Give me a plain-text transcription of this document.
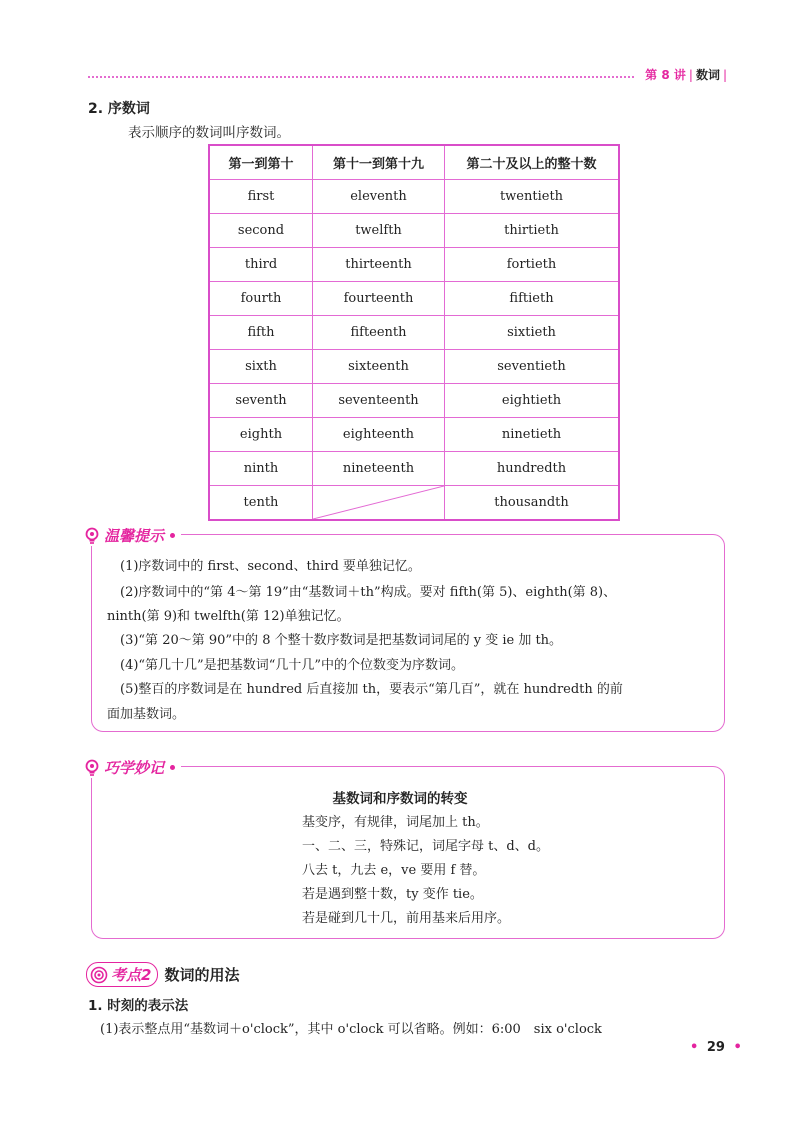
第 8 讲 | 数词 |
2. 序数词
表示顺序的数词叫序数词。
第一到第十	第十一到第十九	第二十及以上的整十数
first	eleventh	twentieth
second	twelfth	thirtieth
third	thirteenth	fortieth
fourth	fourteenth	fiftieth
fifth	fifteenth	sixtieth
sixth	sixteenth	seventieth
seventh	seventeenth	eightieth
eighth	eighteenth	ninetieth
ninth	nineteenth	hundredth
tenth		thousandth
温馨提示
(1)序数词中的 first、second、third 要单独记忆。
(2)序数词中的“第 4～第 19”由“基数词＋th”构成。要对 fifth(第 5)、eighth(第 8)、
ninth(第 9)和 twelfth(第 12)单独记忆。
(3)“第 20～第 90”中的 8 个整十数序数词是把基数词词尾的 y 变 ie 加 th。
(4)“第几十几”是把基数词“几十几”中的个位数变为序数词。
(5)整百的序数词是在 hundred 后直接加 th，要表示“第几百”，就在 hundredth 的前
面加基数词。
巧学妙记
基数词和序数词的转变
基变序，有规律，词尾加上 th。
一、二、三，特殊记，词尾字母 t、d、d。
八去 t，九去 e，ve 要用 f 替。
若是遇到整十数，ty 变作 tie。
若是碰到几十几，前用基来后用序。
考点2 数词的用法
1. 时刻的表示法
(1)表示整点用“基数词＋o'clock”，其中 o'clock 可以省略。例如：6:00　six o'clock
• 29 •
